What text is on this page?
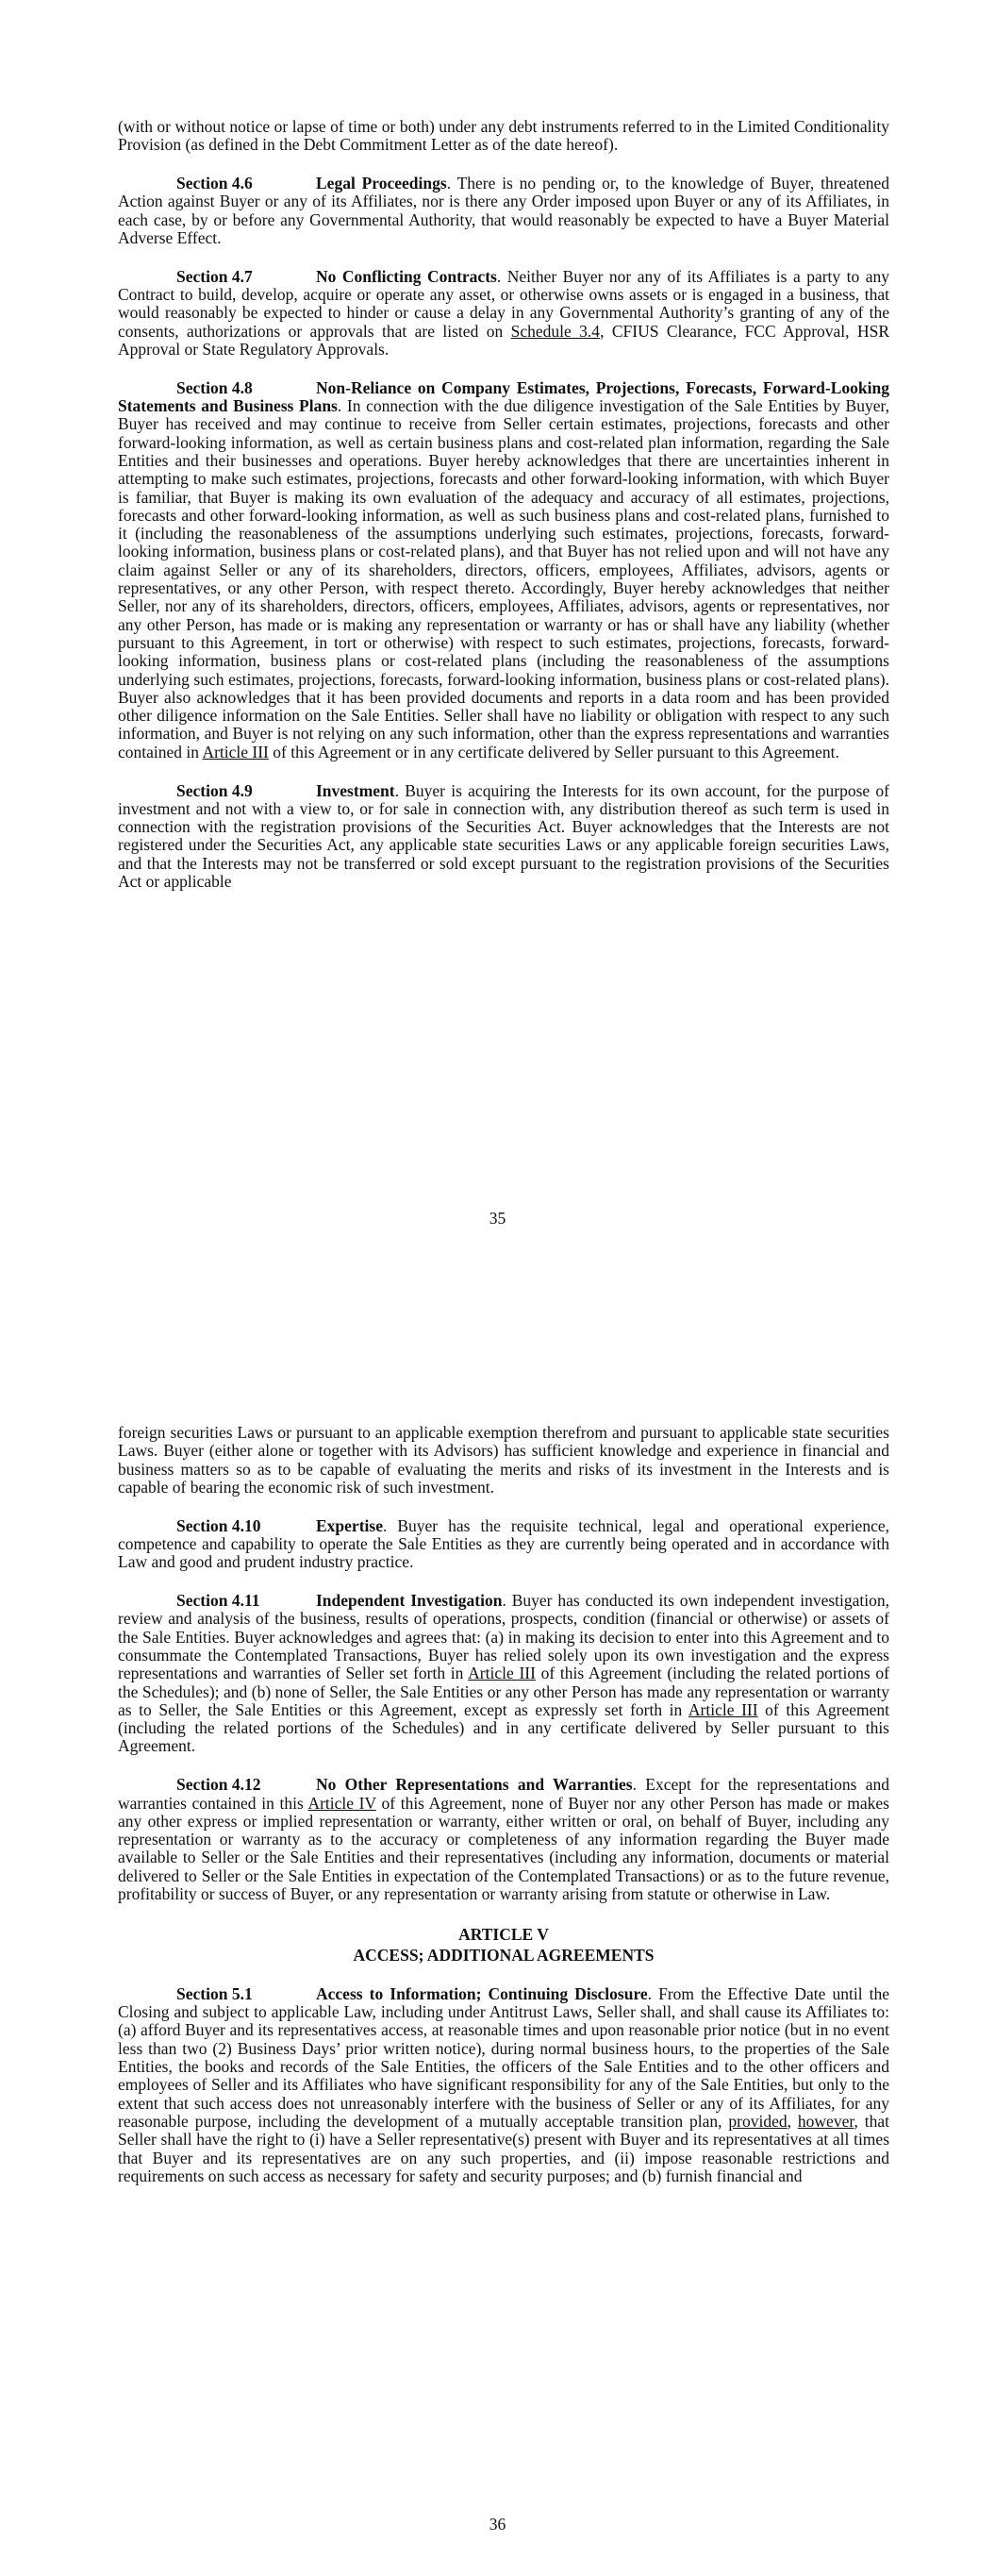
(with or without notice or lapse of time or both) under any debt instruments referred to in the Limited Conditionality Provision (as defined in the Debt Commitment Letter as of the date hereof).

Section 4.6	Legal Proceedings. There is no pending or, to the knowledge of Buyer, threatened Action against Buyer or any of its Affiliates, nor is there any Order imposed upon Buyer or any of its Affiliates, in each case, by or before any Governmental Authority, that would reasonably be expected to have a Buyer Material Adverse Effect.

Section 4.7	No Conflicting Contracts. Neither Buyer nor any of its Affiliates is a party to any Contract to build, develop, acquire or operate any asset, or otherwise owns assets or is engaged in a business, that would reasonably be expected to hinder or cause a delay in any Governmental Authority’s granting of any of the consents, authorizations or approvals that are listed on Schedule 3.4, CFIUS Clearance, FCC Approval, HSR Approval or State Regulatory Approvals.

Section 4.8	Non-Reliance on Company Estimates, Projections, Forecasts, Forward-Looking Statements and Business Plans. In connection with the due diligence investigation of the Sale Entities by Buyer, Buyer has received and may continue to receive from Seller certain estimates, projections, forecasts and other forward-looking information, as well as certain business plans and cost-related plan information, regarding the Sale Entities and their businesses and operations. Buyer hereby acknowledges that there are uncertainties inherent in attempting to make such estimates, projections, forecasts and other forward-looking information, with which Buyer is familiar, that Buyer is making its own evaluation of the adequacy and accuracy of all estimates, projections, forecasts and other forward-looking information, as well as such business plans and cost-related plans, furnished to it (including the reasonableness of the assumptions underlying such estimates, projections, forecasts, forward-looking information, business plans or cost-related plans), and that Buyer has not relied upon and will not have any claim against Seller or any of its shareholders, directors, officers, employees, Affiliates, advisors, agents or representatives, or any other Person, with respect thereto. Accordingly, Buyer hereby acknowledges that neither Seller, nor any of its shareholders, directors, officers, employees, Affiliates, advisors, agents or representatives, nor any other Person, has made or is making any representation or warranty or has or shall have any liability (whether pursuant to this Agreement, in tort or otherwise) with respect to such estimates, projections, forecasts, forward-looking information, business plans or cost-related plans (including the reasonableness of the assumptions underlying such estimates, projections, forecasts, forward-looking information, business plans or cost-related plans). Buyer also acknowledges that it has been provided documents and reports in a data room and has been provided other diligence information on the Sale Entities. Seller shall have no liability or obligation with respect to any such information, and Buyer is not relying on any such information, other than the express representations and warranties contained in Article III of this Agreement or in any certificate delivered by Seller pursuant to this Agreement.

Section 4.9	Investment. Buyer is acquiring the Interests for its own account, for the purpose of investment and not with a view to, or for sale in connection with, any distribution thereof as such term is used in connection with the registration provisions of the Securities Act. Buyer acknowledges that the Interests are not registered under the Securities Act, any applicable state securities Laws or any applicable foreign securities Laws, and that the Interests may not be transferred or sold except pursuant to the registration provisions of the Securities Act or applicable

35

foreign securities Laws or pursuant to an applicable exemption therefrom and pursuant to applicable state securities Laws. Buyer (either alone or together with its Advisors) has sufficient knowledge and experience in financial and business matters so as to be capable of evaluating the merits and risks of its investment in the Interests and is capable of bearing the economic risk of such investment.

Section 4.10	Expertise. Buyer has the requisite technical, legal and operational experience, competence and capability to operate the Sale Entities as they are currently being operated and in accordance with Law and good and prudent industry practice.

Section 4.11	Independent Investigation. Buyer has conducted its own independent investigation, review and analysis of the business, results of operations, prospects, condition (financial or otherwise) or assets of the Sale Entities. Buyer acknowledges and agrees that: (a) in making its decision to enter into this Agreement and to consummate the Contemplated Transactions, Buyer has relied solely upon its own investigation and the express representations and warranties of Seller set forth in Article III of this Agreement (including the related portions of the Schedules); and (b) none of Seller, the Sale Entities or any other Person has made any representation or warranty as to Seller, the Sale Entities or this Agreement, except as expressly set forth in Article III of this Agreement (including the related portions of the Schedules) and in any certificate delivered by Seller pursuant to this Agreement.

Section 4.12	No Other Representations and Warranties. Except for the representations and warranties contained in this Article IV of this Agreement, none of Buyer nor any other Person has made or makes any other express or implied representation or warranty, either written or oral, on behalf of Buyer, including any representation or warranty as to the accuracy or completeness of any information regarding the Buyer made available to Seller or the Sale Entities and their representatives (including any information, documents or material delivered to Seller or the Sale Entities in expectation of the Contemplated Transactions) or as to the future revenue, profitability or success of Buyer, or any representation or warranty arising from statute or otherwise in Law.

ARTICLE V
ACCESS; ADDITIONAL AGREEMENTS

Section 5.1	Access to Information; Continuing Disclosure. From the Effective Date until the Closing and subject to applicable Law, including under Antitrust Laws, Seller shall, and shall cause its Affiliates to: (a) afford Buyer and its representatives access, at reasonable times and upon reasonable prior notice (but in no event less than two (2) Business Days’ prior written notice), during normal business hours, to the properties of the Sale Entities, the books and records of the Sale Entities, the officers of the Sale Entities and to the other officers and employees of Seller and its Affiliates who have significant responsibility for any of the Sale Entities, but only to the extent that such access does not unreasonably interfere with the business of Seller or any of its Affiliates, for any reasonable purpose, including the development of a mutually acceptable transition plan, provided, however, that Seller shall have the right to (i) have a Seller representative(s) present with Buyer and its representatives at all times that Buyer and its representatives are on any such properties, and (ii) impose reasonable restrictions and requirements on such access as necessary for safety and security purposes; and (b) furnish financial and

36
